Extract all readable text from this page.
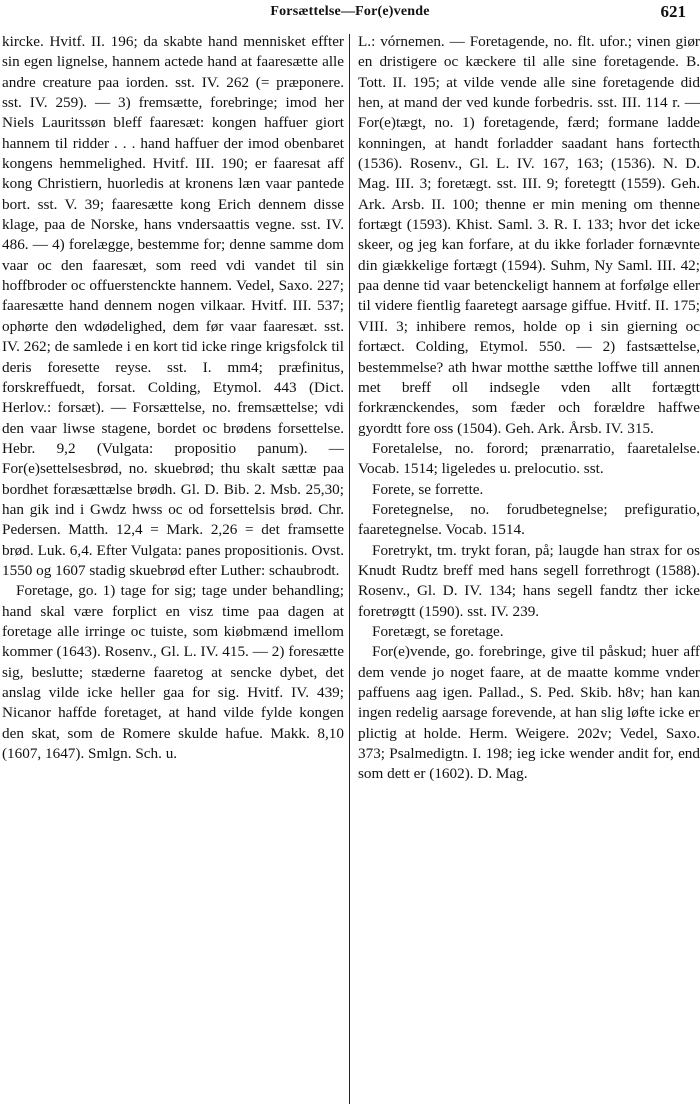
Forsættelse—For(e)vende	621

kircke. Hvitf. II. 196; da skabte hand mennisket effter sin egen lignelse, hannem actede hand at faaresætte alle andre creature paa iorden. sst. IV. 262 (= præponere. sst. IV. 259). — 3) fremsætte, forebringe; imod her Niels Lauritssøn bleff faaresæt: kongen haffuer giort hannem til ridder . . . hand haffuer der imod obenbaret kongens hemmelighed. Hvitf. III. 190; er faaresat aff kong Christiern, huorledis at kronens læn vaar pantede bort. sst. V. 39; faaresætte kong Erich dennem disse klage, paa de Norske, hans vndersaattis vegne. sst. IV. 486. — 4) forelægge, bestemme for; denne samme dom vaar oc den faaresæt, som reed vdi vandet til sin hoffbroder oc offuerstenckte hannem. Vedel, Saxo. 227; faaresætte hand dennem nogen vilkaar. Hvitf. III. 537; ophørte den wdødelighed, dem før vaar faaresæt. sst. IV. 262; de samlede i en kort tid icke ringe krigsfolck til deris foresette reyse. sst. I. mm4; præfinitus, forskreffuedt, forsat. Colding, Etymol. 443 (Dict. Herlov.: forsæt). — Forsættelse, no. fremsættelse; vdi den vaar liwse stagene, bordet oc brødens forsettelse. Hebr. 9,2 (Vulgata: propositio panum). — For(e)settelsesbrød, no. skuebrød; thu skalt sættæ paa bordhet foræsættælse brødh. Gl. D. Bib. 2. Msb. 25,30; han gik ind i Gwdz hwss oc od forsettelsis brød. Chr. Pedersen. Matth. 12,4 = Mark. 2,26 = det framsette brød. Luk. 6,4. Efter Vulgata: panes propositionis. Ovst. 1550 og 1607 stadig skuebrød efter Luther: schaubrodt.

Foretage, go. 1) tage for sig; tage under behandling; hand skal være forplict en visz time paa dagen at foretage alle irringe oc tuiste, som kiøbmænd imellom kommer (1643). Rosenv., Gl. L. IV. 415. — 2) foresætte sig, beslutte; stæderne faaretog at sencke dybet, det anslag vilde icke heller gaa for sig. Hvitf. IV. 439; Nicanor haffde foretaget, at hand vilde fylde kongen den skat, som de Romere skulde hafue. Makk. 8,10 (1607, 1647). Smlgn. Sch. u.

L.: vórnemen. — Foretagende, no. flt. ufor.; vinen giør en dristigere oc kæckere til alle sine foretagende. B. Tott. II. 195; at vilde vende alle sine foretagende did hen, at mand der ved kunde forbedris. sst. III. 114 r. — For(e)tægt, no. 1) foretagende, færd; formane ladde konningen, at handt forladder saadant hans fortecth (1536). Rosenv., Gl. L. IV. 167, 163; (1536). N. D. Mag. III. 3; foretægt. sst. III. 9; foretegtt (1559). Geh. Ark. Arsb. II. 100; thenne er min mening om thenne fortægt (1593). Khist. Saml. 3. R. I. 133; hvor det icke skeer, og jeg kan forfare, at du ikke forlader fornævnte din giækkelige fortægt (1594). Suhm, Ny Saml. III. 42; paa denne tid vaar betenckeligt hannem at forfølge eller til videre fientlig faaretegt aarsage giffue. Hvitf. II. 175; VIII. 3; inhibere remos, holde op i sin gierning oc fortæct. Colding, Etymol. 550. — 2) fastsættelse, bestemmelse? ath hwar motthe sætthe loffwe till annen met breff oll indsegle vden allt fortægtt forkrænckendes, som fæder och forældre haffwe gyordtt fore oss (1504). Geh. Ark. Årsb. IV. 315.

Foretalelse, no. forord; prænarratio, faaretalelse. Vocab. 1514; ligeledes u. prelocutio. sst.

Forete, se forrette.

Foretegnelse, no. forudbetegnelse; prefiguratio, faaretegnelse. Vocab. 1514.

Foretrykt, tm. trykt foran, på; laugde han strax for os Knudt Rudtz breff med hans segell forrethrogt (1588). Rosenv., Gl. D. IV. 134; hans segell fandtz ther icke foretrøgtt (1590). sst. IV. 239.

Foretægt, se foretage.

For(e)vende, go. forebringe, give til påskud; huer aff dem vende jo noget faare, at de maatte komme vnder paffuens aag igen. Pallad., S. Ped. Skib. h8v; han kan ingen redelig aarsage forevende, at han slig løfte icke er plictig at holde. Herm. Weigere. 202v; Vedel, Saxo. 373; Psalmedigtn. I. 198; ieg icke wender andit for, end som dett er (1602). D. Mag.
